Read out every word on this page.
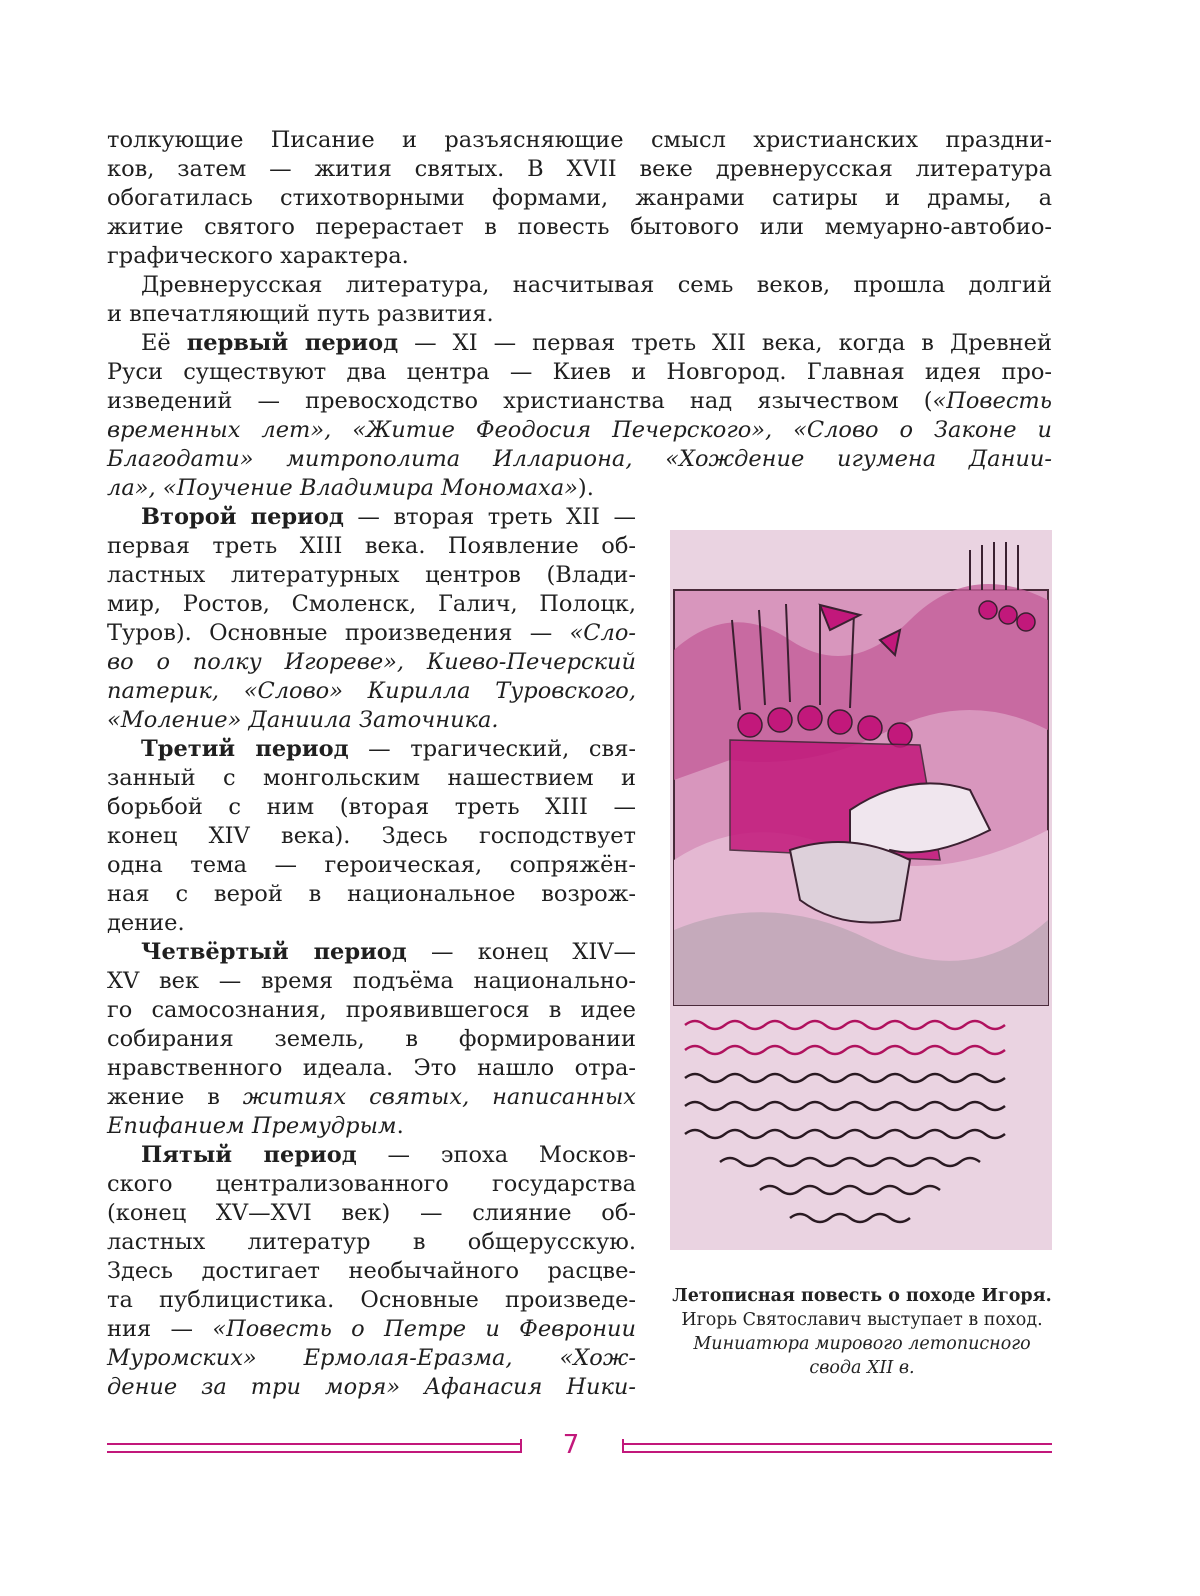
толкующие Писание и разъясняющие смысл христианских праздни-
ков, затем — жития святых. В XVII веке древнерусская литература
обогатилась стихотворными формами, жанрами сатиры и драмы, а
житие святого перерастает в повесть бытового или мемуарно-автобио-
графического характера.
Древнерусская литература, насчитывая семь веков, прошла долгий
и впечатляющий путь развития.
Её первый период — XI — первая треть XII века, когда в Древней
Руси существуют два центра — Киев и Новгород. Главная идея про-
изведений — превосходство христианства над язычеством («Повесть
временных лет», «Житие Феодосия Печерского», «Слово о Законе и
Благодати» митрополита Иллариона, «Хождение игумена Дании-
ла», «Поучение Владимира Мономаха»).
Второй период — вторая треть XII —
первая треть XIII века. Появление об-
ластных литературных центров (Влади-
мир, Ростов, Смоленск, Галич, Полоцк,
Туров). Основные произведения — «Сло-
во о полку Игореве», Киево-Печерский
патерик, «Слово» Кирилла Туровского,
«Моление» Даниила Заточника.
Третий период — трагический, свя-
занный с монгольским нашествием и
борьбой с ним (вторая треть XIII —
конец XIV века). Здесь господствует
одна тема — героическая, сопряжён-
ная с верой в национальное возрож-
дение.
Четвёртый период — конец XIV—
XV век — время подъёма национально-
го самосознания, проявившегося в идее
собирания земель, в формировании
нравственного идеала. Это нашло отра-
жение в житиях святых, написанных
Епифанием Премудрым.
Пятый период — эпоха Москов-
ского централизованного государства
(конец XV—XVI век) — слияние об-
ластных литератур в общерусскую.
Здесь достигает необычайного расцве-
та публицистика. Основные произведе-
ния — «Повесть о Петре и Февронии
Муромских» Ермолая-Еразма, «Хож-
дение за три моря» Афанасия Ники-
Летописная повесть о походе Игоря. Игорь Святославич выступает в поход.
Миниатюра мирового летописного свода XII в.
7
